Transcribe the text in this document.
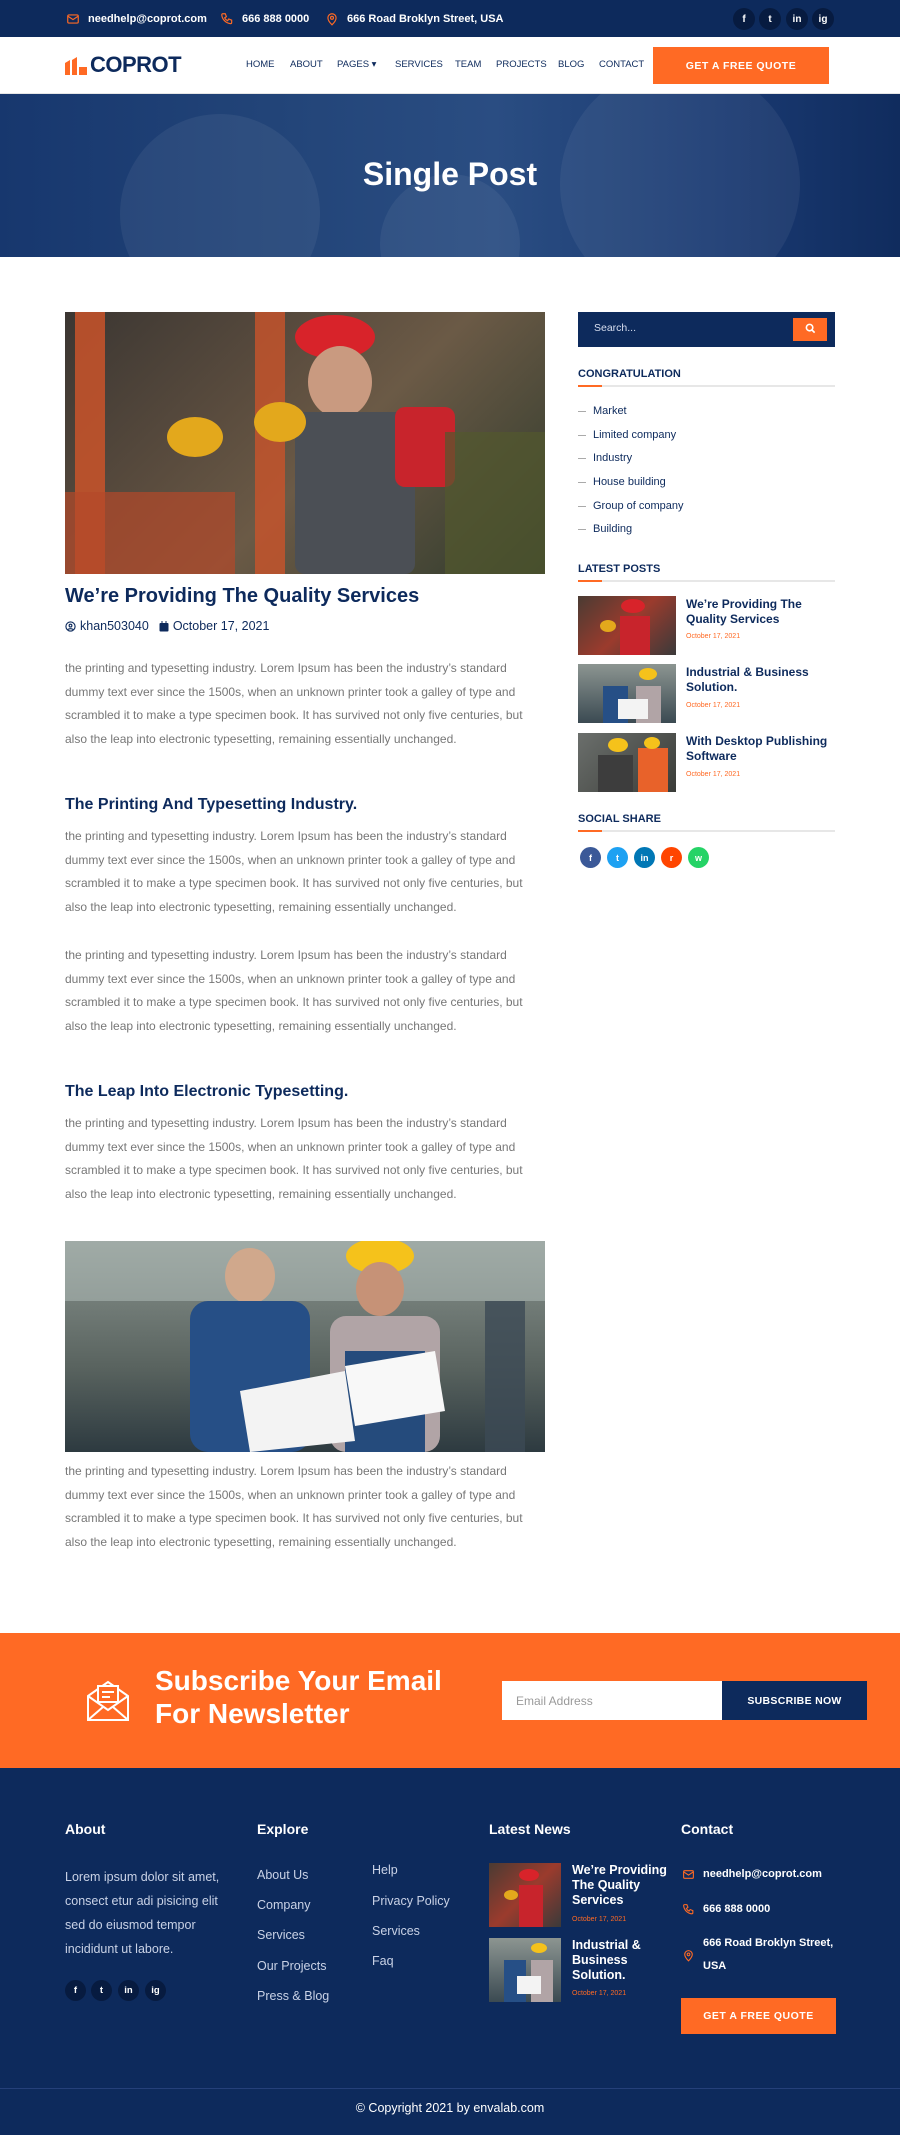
needhelp@coprot.com	666 888 0000	666 Road Broklyn Street, USA	f	t	in	ig
COPROT	HOME ABOUT PAGES ▾ SERVICES TEAM PROJECTS BLOG CONTACT	GET A FREE QUOTE
Single Post
We’re Providing The Quality Services
khan503040 October 17, 2021

the printing and typesetting industry. Lorem Ipsum has been the industry’s standard dummy text ever since the 1500s, when an unknown printer took a galley of type and scrambled it to make a type specimen book. It has survived not only five centuries, but also the leap into electronic typesetting, remaining essentially unchanged.

The Printing And Typesetting Industry.

the printing and typesetting industry. Lorem Ipsum has been the industry’s standard dummy text ever since the 1500s, when an unknown printer took a galley of type and scrambled it to make a type specimen book. It has survived not only five centuries, but also the leap into electronic typesetting, remaining essentially unchanged.

the printing and typesetting industry. Lorem Ipsum has been the industry’s standard dummy text ever since the 1500s, when an unknown printer took a galley of type and scrambled it to make a type specimen book. It has survived not only five centuries, but also the leap into electronic typesetting, remaining essentially unchanged.

The Leap Into Electronic Typesetting.

the printing and typesetting industry. Lorem Ipsum has been the industry’s standard dummy text ever since the 1500s, when an unknown printer took a galley of type and scrambled it to make a type specimen book. It has survived not only five centuries, but also the leap into electronic typesetting, remaining essentially unchanged.

the printing and typesetting industry. Lorem Ipsum has been the industry’s standard dummy text ever since the 1500s, when an unknown printer took a galley of type and scrambled it to make a type specimen book. It has survived not only five centuries, but also the leap into electronic typesetting, remaining essentially unchanged.

Search...
CONGRATULATION
Market
Limited company
Industry
House building
Group of company
Building
LATEST POSTS
We’re Providing The Quality Services
October 17, 2021
Industrial & Business Solution.
October 17, 2021
With Desktop Publishing Software
October 17, 2021
SOCIAL SHARE
f	t	in	r	w
Subscribe Your Email For Newsletter
Email Address	SUBSCRIBE NOW
About

Lorem ipsum dolor sit amet, consect etur adi pisicing elit sed do eiusmod tempor incididunt ut labore.

f	t	in	ig
Explore
About Us
Company
Services
Our Projects
Press & Blog
Help
Privacy Policy
Services
Faq
Latest News
We’re Providing The Quality Services
October 17, 2021
Industrial & Business Solution.
October 17, 2021
Contact
needhelp@coprot.com
666 888 0000
666 Road Broklyn Street, USA
GET A FREE QUOTE
© Copyright 2021 by envalab.com
